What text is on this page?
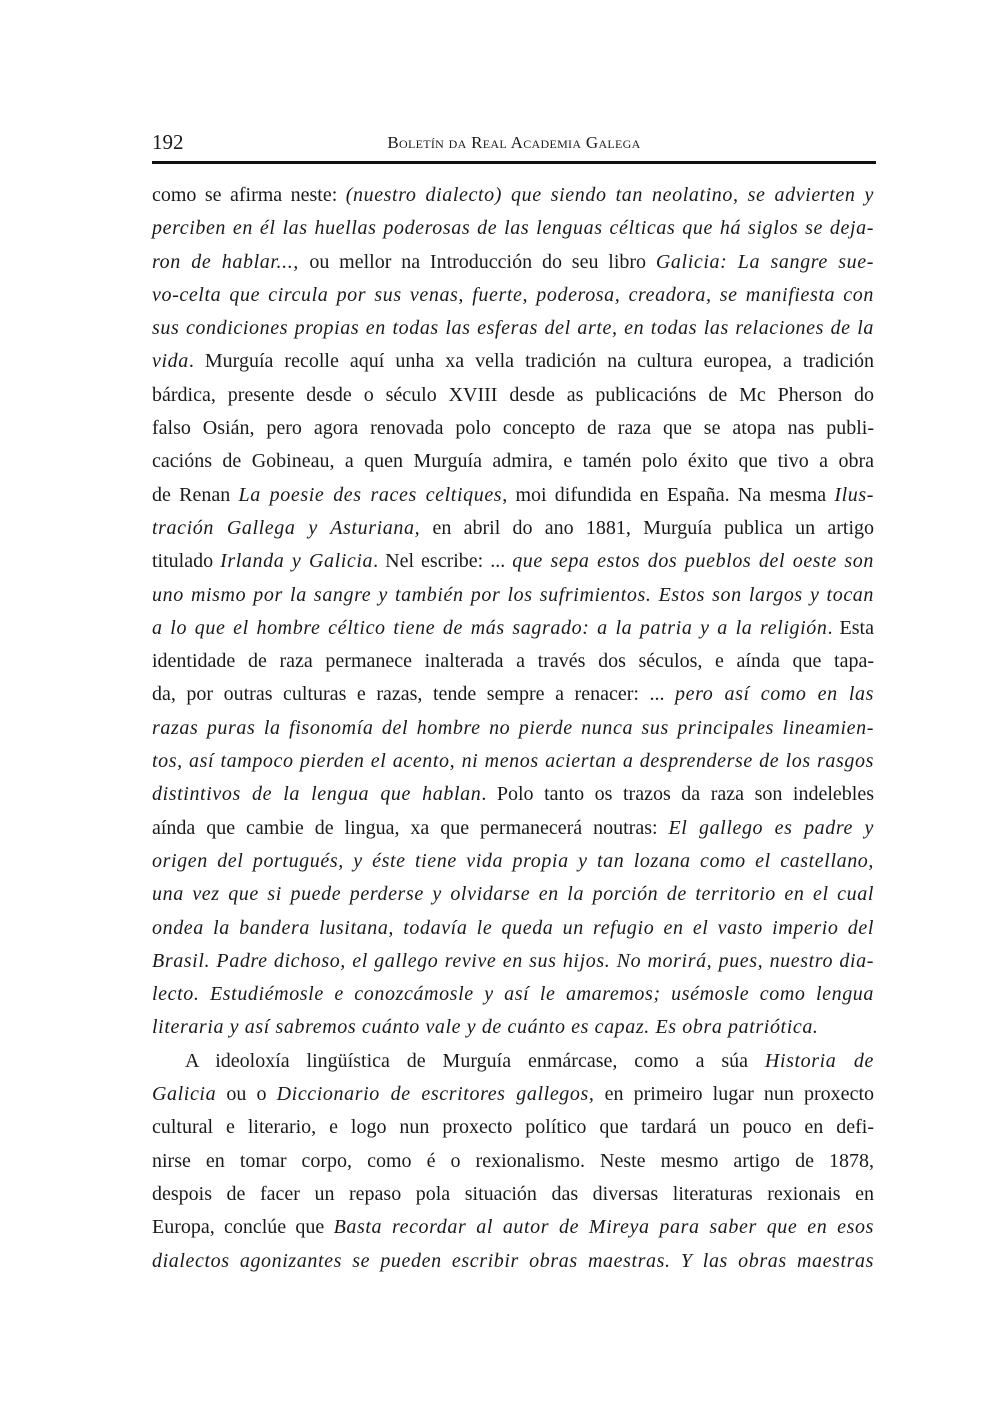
192	Boletín da Real Academia Galega
como se afirma neste: (nuestro dialecto) que siendo tan neolatino, se advierten y
perciben en él las huellas poderosas de las lenguas célticas que há siglos se deja-
ron de hablar..., ou mellor na Introducción do seu libro Galicia: La sangre sue-
vo-celta que circula por sus venas, fuerte, poderosa, creadora, se manifiesta con
sus condiciones propias en todas las esferas del arte, en todas las relaciones de la
vida. Murguía recolle aquí unha xa vella tradición na cultura europea, a tradición
bárdica, presente desde o século XVIII desde as publicacións de Mc Pherson do
falso Osián, pero agora renovada polo concepto de raza que se atopa nas publi-
cacións de Gobineau, a quen Murguía admira, e tamén polo éxito que tivo a obra
de Renan La poesie des races celtiques, moi difundida en España. Na mesma Ilus-
tración Gallega y Asturiana, en abril do ano 1881, Murguía publica un artigo
titulado Irlanda y Galicia. Nel escribe: ... que sepa estos dos pueblos del oeste son
uno mismo por la sangre y también por los sufrimientos. Estos son largos y tocan
a lo que el hombre céltico tiene de más sagrado: a la patria y a la religión. Esta
identidade de raza permanece inalterada a través dos séculos, e aínda que tapa-
da, por outras culturas e razas, tende sempre a renacer: ... pero así como en las
razas puras la fisonomía del hombre no pierde nunca sus principales lineamien-
tos, así tampoco pierden el acento, ni menos aciertan a desprenderse de los rasgos
distintivos de la lengua que hablan. Polo tanto os trazos da raza son indelebles
aínda que cambie de lingua, xa que permanecerá noutras: El gallego es padre y
origen del portugués, y éste tiene vida propia y tan lozana como el castellano,
una vez que si puede perderse y olvidarse en la porción de territorio en el cual
ondea la bandera lusitana, todavía le queda un refugio en el vasto imperio del
Brasil. Padre dichoso, el gallego revive en sus hijos. No morirá, pues, nuestro dia-
lecto. Estudiémosle e conozcámosle y así le amaremos; usémosle como lengua
literaria y así sabremos cuánto vale y de cuánto es capaz. Es obra patriótica.
A ideoloxía lingüística de Murguía enmárcase, como a súa Historia de
Galicia ou o Diccionario de escritores gallegos, en primeiro lugar nun proxecto
cultural e literario, e logo nun proxecto político que tardará un pouco en defi-
nirse en tomar corpo, como é o rexionalismo. Neste mesmo artigo de 1878,
despois de facer un repaso pola situación das diversas literaturas rexionais en
Europa, conclúe que Basta recordar al autor de Mireya para saber que en esos
dialectos agonizantes se pueden escribir obras maestras. Y las obras maestras
